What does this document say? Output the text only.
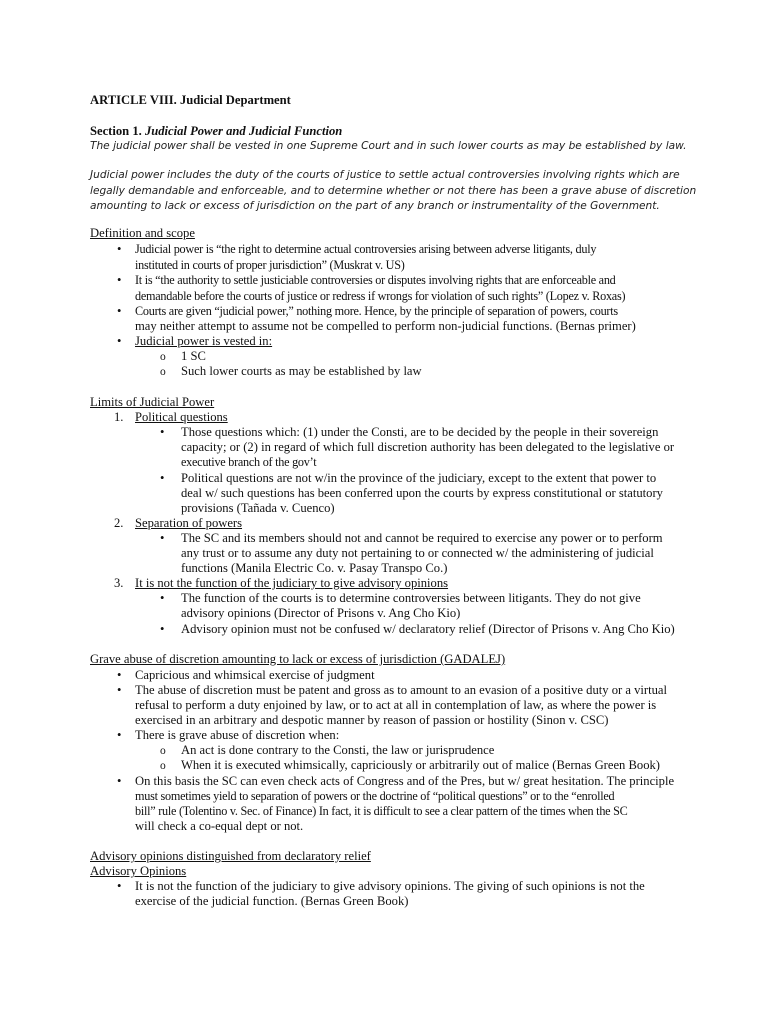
ARTICLE VIII. Judicial Department
Section 1. Judicial Power and Judicial Function
The judicial power shall be vested in one Supreme Court and in such lower courts as may be established by law.
Judicial power includes the duty of the courts of justice to settle actual controversies involving rights which are
legally demandable and enforceable, and to determine whether or not there has been a grave abuse of discretion
amounting to lack or excess of jurisdiction on the part of any branch or instrumentality of the Government.
Definition and scope
• Judicial power is “the right to determine actual controversies arising between adverse litigants, duly
instituted in courts of proper jurisdiction” (Muskrat v. US)
• It is “the authority to settle justiciable controversies or disputes involving rights that are enforceable and
demandable before the courts of justice or redress if wrongs for violation of such rights” (Lopez v. Roxas)
• Courts are given “judicial power,” nothing more. Hence, by the principle of separation of powers, courts
may neither attempt to assume not be compelled to perform non-judicial functions. (Bernas primer)
• Judicial power is vested in:
o 1 SC
o Such lower courts as may be established by law
Limits of Judicial Power
1. Political questions
• Those questions which: (1) under the Consti, are to be decided by the people in their sovereign
capacity; or (2) in regard of which full discretion authority has been delegated to the legislative or
executive branch of the gov’t
• Political questions are not w/in the province of the judiciary, except to the extent that power to
deal w/ such questions has been conferred upon the courts by express constitutional or statutory
provisions (Tañada v. Cuenco)
2. Separation of powers
• The SC and its members should not and cannot be required to exercise any power or to perform
any trust or to assume any duty not pertaining to or connected w/ the administering of judicial
functions (Manila Electric Co. v. Pasay Transpo Co.)
3. It is not the function of the judiciary to give advisory opinions
• The function of the courts is to determine controversies between litigants. They do not give
advisory opinions (Director of Prisons v. Ang Cho Kio)
• Advisory opinion must not be confused w/ declaratory relief (Director of Prisons v. Ang Cho Kio)
Grave abuse of discretion amounting to lack or excess of jurisdiction (GADALEJ)
• Capricious and whimsical exercise of judgment
• The abuse of discretion must be patent and gross as to amount to an evasion of a positive duty or a virtual
refusal to perform a duty enjoined by law, or to act at all in contemplation of law, as where the power is
exercised in an arbitrary and despotic manner by reason of passion or hostility (Sinon v. CSC)
• There is grave abuse of discretion when:
o An act is done contrary to the Consti, the law or jurisprudence
o When it is executed whimsically, capriciously or arbitrarily out of malice (Bernas Green Book)
• On this basis the SC can even check acts of Congress and of the Pres, but w/ great hesitation. The principle
must sometimes yield to separation of powers or the doctrine of “political questions” or to the “enrolled
bill” rule (Tolentino v. Sec. of Finance) In fact, it is difficult to see a clear pattern of the times when the SC
will check a co-equal dept or not.
Advisory opinions distinguished from declaratory relief
Advisory Opinions
• It is not the function of the judiciary to give advisory opinions. The giving of such opinions is not the
exercise of the judicial function. (Bernas Green Book)
